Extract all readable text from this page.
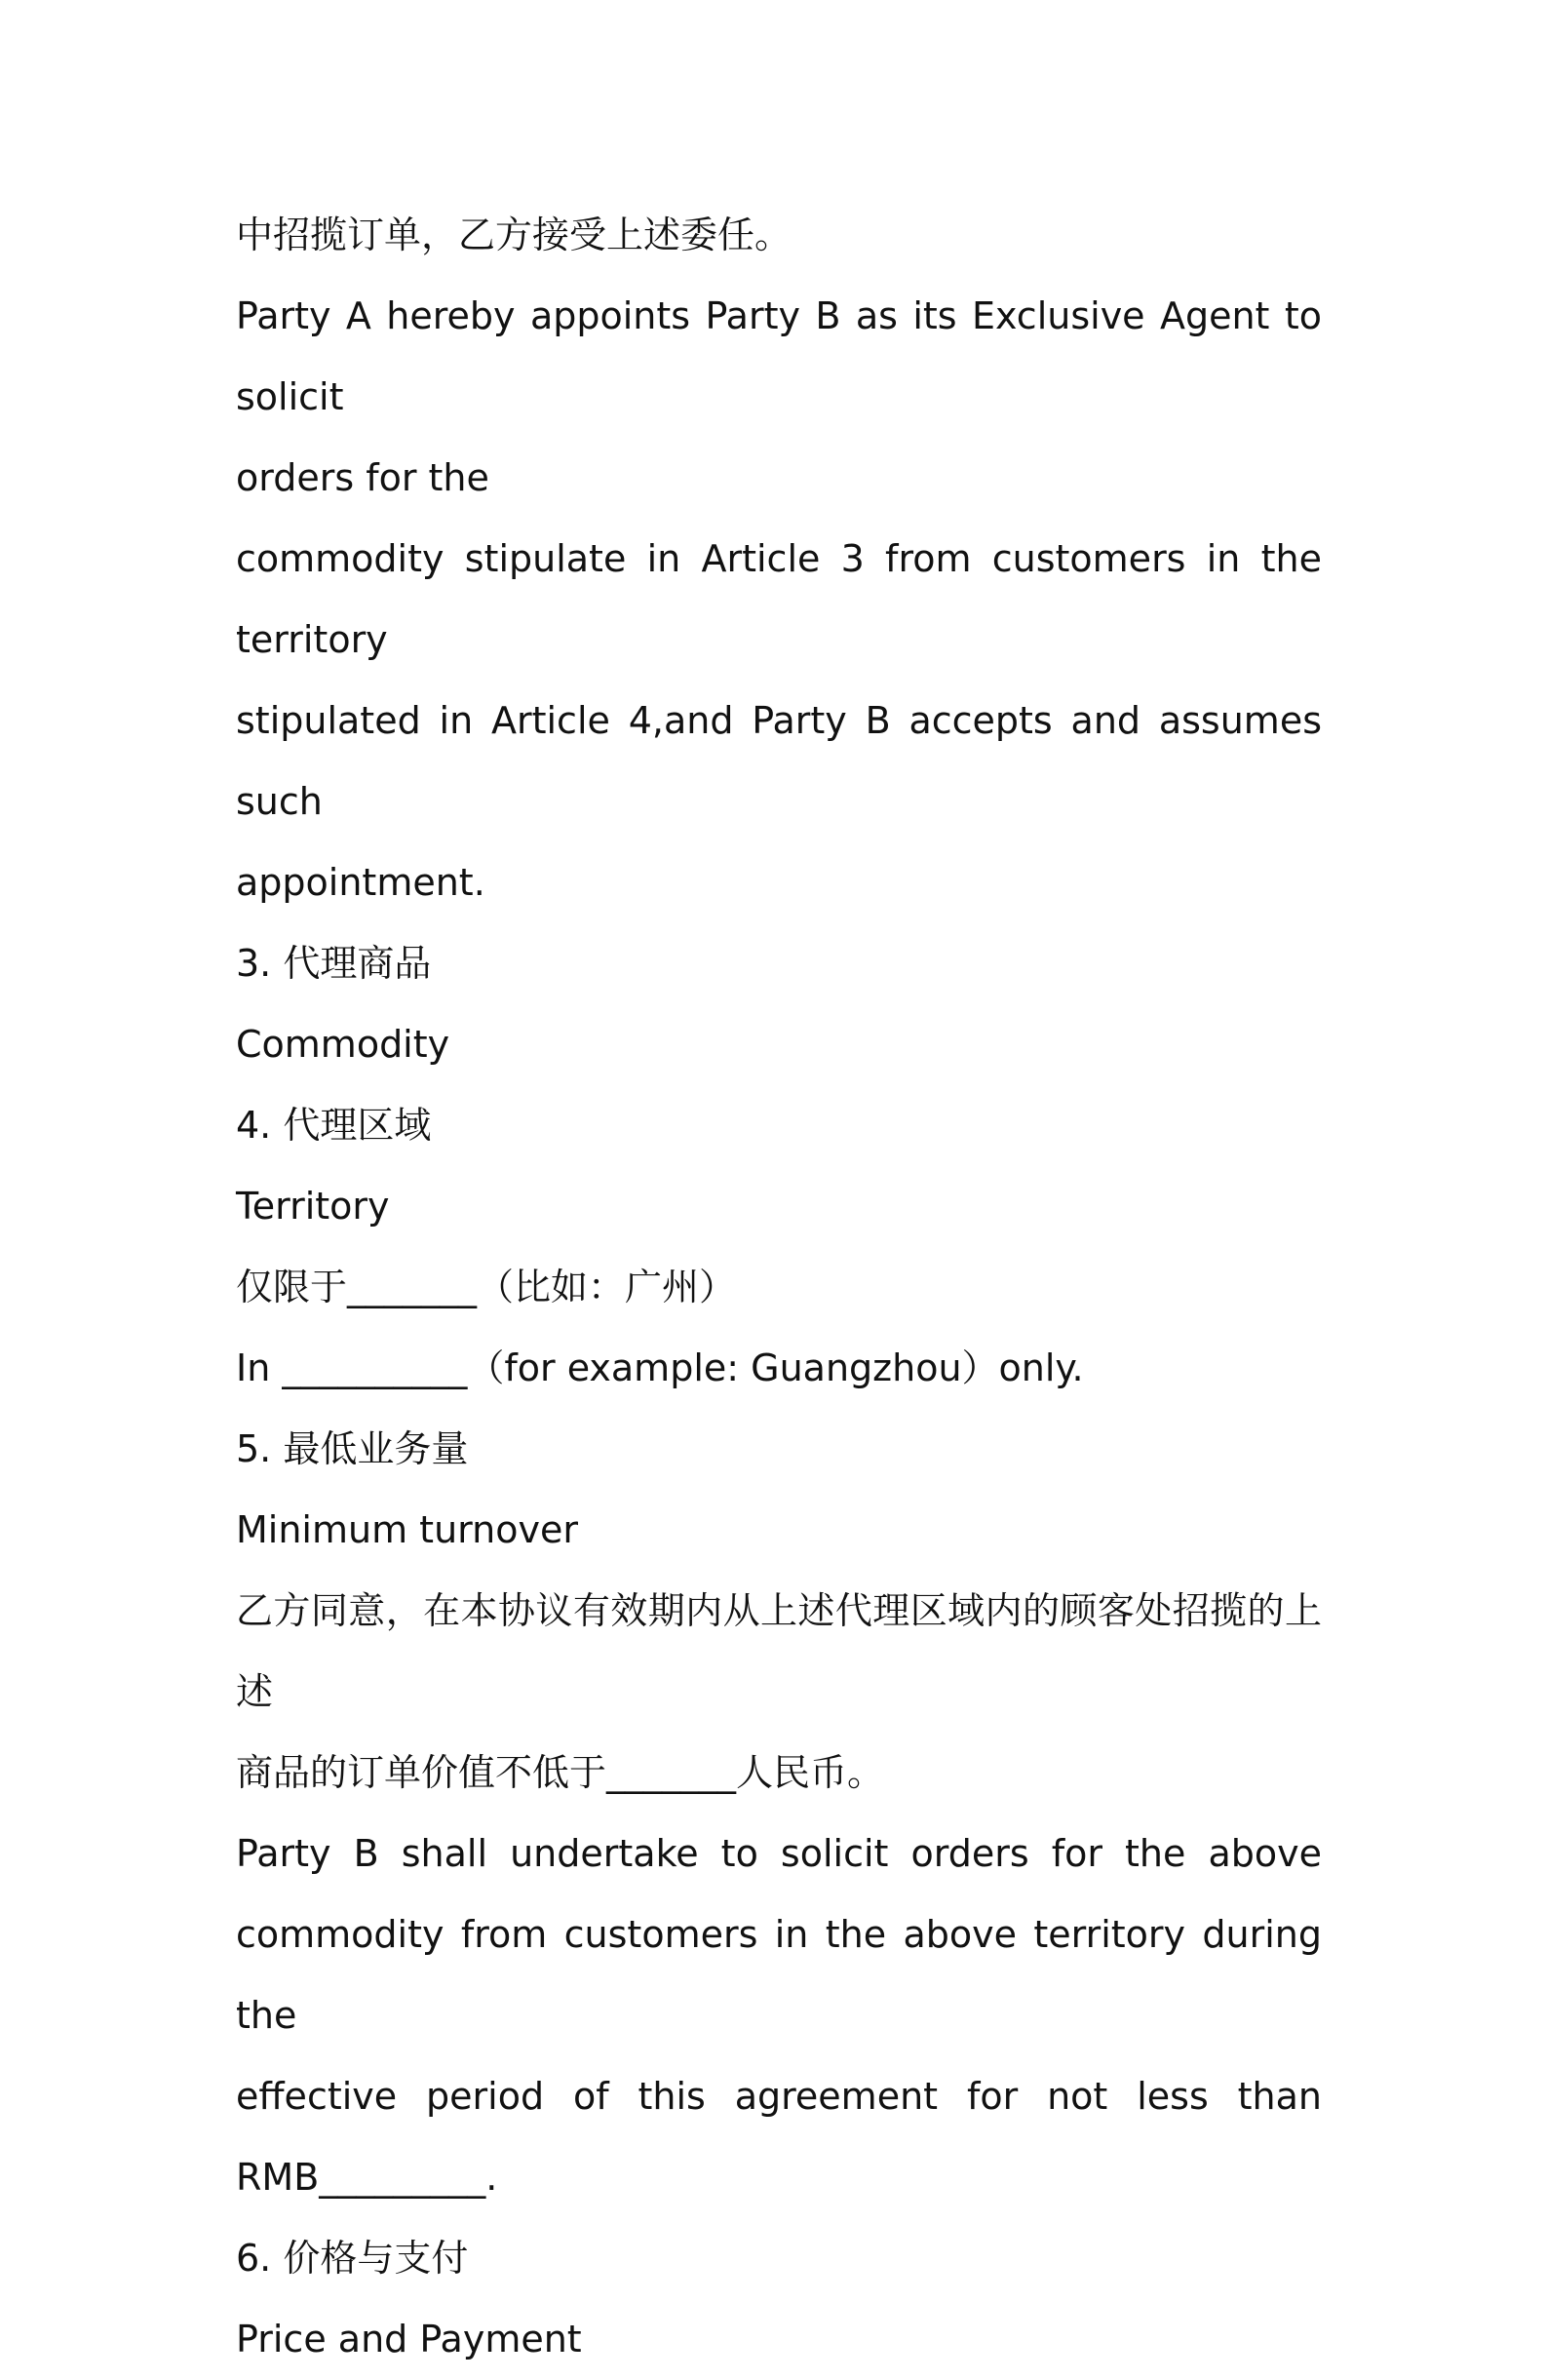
中招揽订单，乙方接受上述委任。

Party A hereby appoints Party B as its Exclusive Agent to solicit

orders for the

commodity stipulate in Article 3 from customers in the territory

stipulated in Article 4,and Party B accepts and assumes such

appointment.

3. 代理商品

Commodity

4. 代理区域

Territory

仅限于_______（比如：广州）

In __________（for example: Guangzhou）only.

5. 最低业务量

Minimum turnover

乙方同意，在本协议有效期内从上述代理区域内的顾客处招揽的上述

商品的订单价值不低于_______人民币。

Party B shall undertake to solicit orders for the above

commodity from customers in the above territory during the

effective period of this agreement for not less than

RMB_________.

6. 价格与支付

Price and Payment
